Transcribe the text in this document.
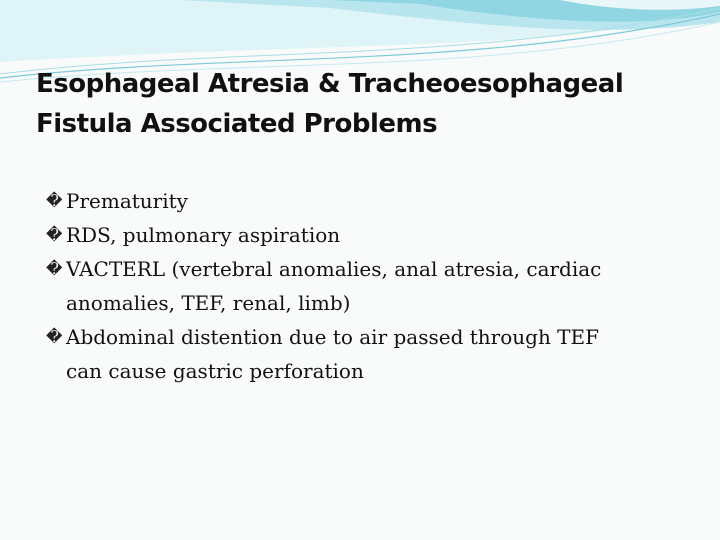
Esophageal Atresia & Tracheoesophageal
Fistula Associated Problems
� Prematurity
� RDS, pulmonary aspiration
� VACTERL (vertebral anomalies, anal atresia, cardiac
anomalies, TEF, renal, limb)
� Abdominal distention due to air passed through TEF
can cause gastric perforation
